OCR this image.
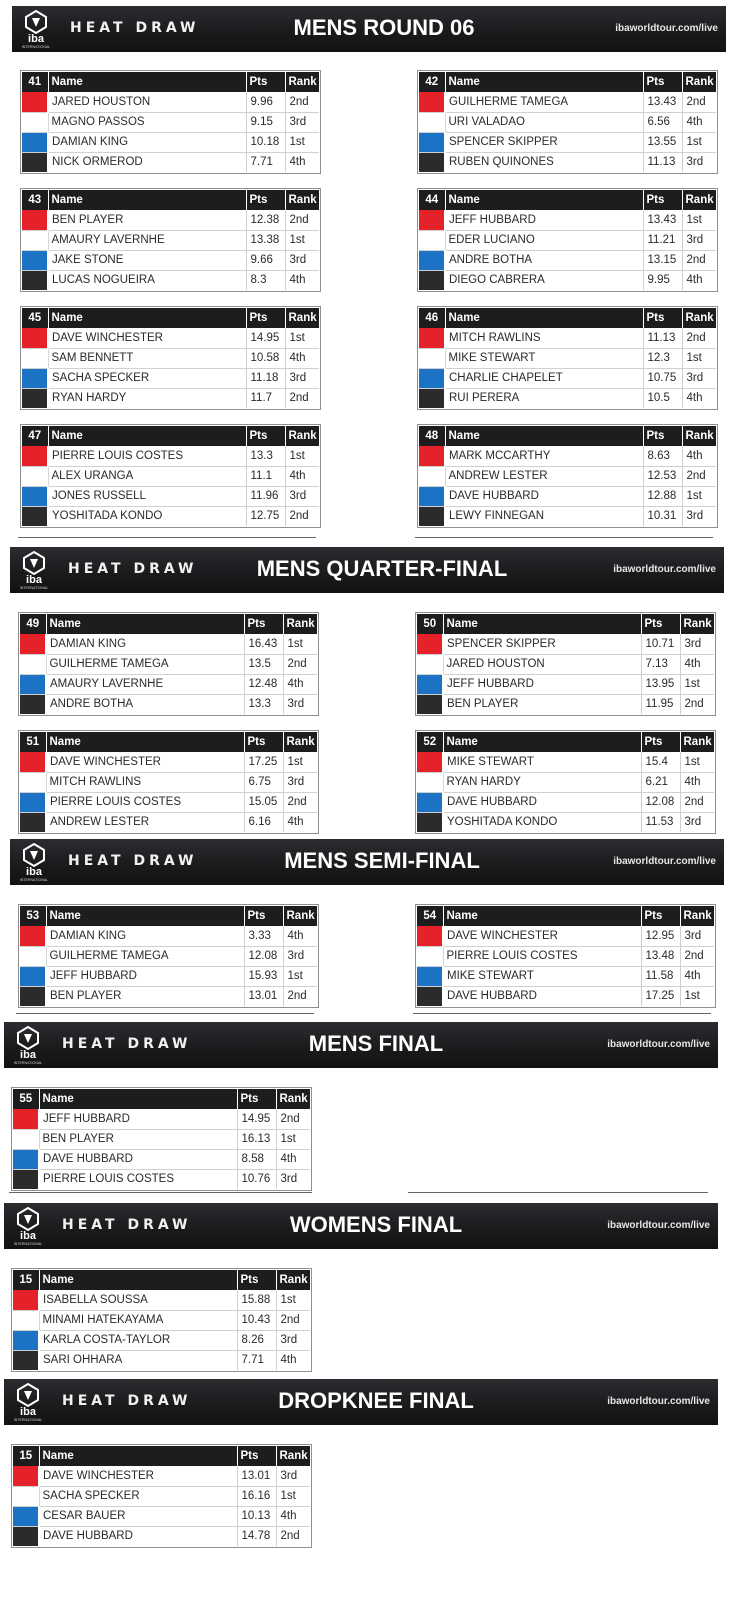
iba
INTERNATIONAL
HEAT DRAW	MENS ROUND 06	ibaworldtour.com/live
41	Name	Pts	Rank
	JARED HOUSTON	9.96	2nd
	MAGNO PASSOS	9.15	3rd
	DAMIAN KING	10.18	1st
	NICK ORMEROD	7.71	4th
42	Name	Pts	Rank
	GUILHERME TAMEGA	13.43	2nd
	URI VALADAO	6.56	4th
	SPENCER SKIPPER	13.55	1st
	RUBEN QUINONES	11.13	3rd
43	Name	Pts	Rank
	BEN PLAYER	12.38	2nd
	AMAURY LAVERNHE	13.38	1st
	JAKE STONE	9.66	3rd
	LUCAS NOGUEIRA	8.3	4th
44	Name	Pts	Rank
	JEFF HUBBARD	13.43	1st
	EDER LUCIANO	11.21	3rd
	ANDRE BOTHA	13.15	2nd
	DIEGO CABRERA	9.95	4th
45	Name	Pts	Rank
	DAVE WINCHESTER	14.95	1st
	SAM BENNETT	10.58	4th
	SACHA SPECKER	11.18	3rd
	RYAN HARDY	11.7	2nd
46	Name	Pts	Rank
	MITCH RAWLINS	11.13	2nd
	MIKE STEWART	12.3	1st
	CHARLIE CHAPELET	10.75	3rd
	RUI PERERA	10.5	4th
47	Name	Pts	Rank
	PIERRE LOUIS COSTES	13.3	1st
	ALEX URANGA	11.1	4th
	JONES RUSSELL	11.96	3rd
	YOSHITADA KONDO	12.75	2nd
48	Name	Pts	Rank
	MARK MCCARTHY	8.63	4th
	ANDREW LESTER	12.53	2nd
	DAVE HUBBARD	12.88	1st
	LEWY FINNEGAN	10.31	3rd
iba
INTERNATIONAL
HEAT DRAW	MENS QUARTER-FINAL	ibaworldtour.com/live
49	Name	Pts	Rank
	DAMIAN KING	16.43	1st
	GUILHERME TAMEGA	13.5	2nd
	AMAURY LAVERNHE	12.48	4th
	ANDRE BOTHA	13.3	3rd
50	Name	Pts	Rank
	SPENCER SKIPPER	10.71	3rd
	JARED HOUSTON	7.13	4th
	JEFF HUBBARD	13.95	1st
	BEN PLAYER	11.95	2nd
51	Name	Pts	Rank
	DAVE WINCHESTER	17.25	1st
	MITCH RAWLINS	6.75	3rd
	PIERRE LOUIS COSTES	15.05	2nd
	ANDREW LESTER	6.16	4th
52	Name	Pts	Rank
	MIKE STEWART	15.4	1st
	RYAN HARDY	6.21	4th
	DAVE HUBBARD	12.08	2nd
	YOSHITADA KONDO	11.53	3rd
iba
INTERNATIONAL
HEAT DRAW	MENS SEMI-FINAL	ibaworldtour.com/live
53	Name	Pts	Rank
	DAMIAN KING	3.33	4th
	GUILHERME TAMEGA	12.08	3rd
	JEFF HUBBARD	15.93	1st
	BEN PLAYER	13.01	2nd
54	Name	Pts	Rank
	DAVE WINCHESTER	12.95	3rd
	PIERRE LOUIS COSTES	13.48	2nd
	MIKE STEWART	11.58	4th
	DAVE HUBBARD	17.25	1st
iba
INTERNATIONAL
HEAT DRAW	MENS FINAL	ibaworldtour.com/live
55	Name	Pts	Rank
	JEFF HUBBARD	14.95	2nd
	BEN PLAYER	16.13	1st
	DAVE HUBBARD	8.58	4th
	PIERRE LOUIS COSTES	10.76	3rd
iba
INTERNATIONAL
HEAT DRAW	WOMENS FINAL	ibaworldtour.com/live
15	Name	Pts	Rank
	ISABELLA SOUSSA	15.88	1st
	MINAMI HATEKAYAMA	10.43	2nd
	KARLA COSTA-TAYLOR	8.26	3rd
	SARI OHHARA	7.71	4th
iba
INTERNATIONAL
HEAT DRAW	DROPKNEE FINAL	ibaworldtour.com/live
15	Name	Pts	Rank
	DAVE WINCHESTER	13.01	3rd
	SACHA SPECKER	16.16	1st
	CESAR BAUER	10.13	4th
	DAVE HUBBARD	14.78	2nd
